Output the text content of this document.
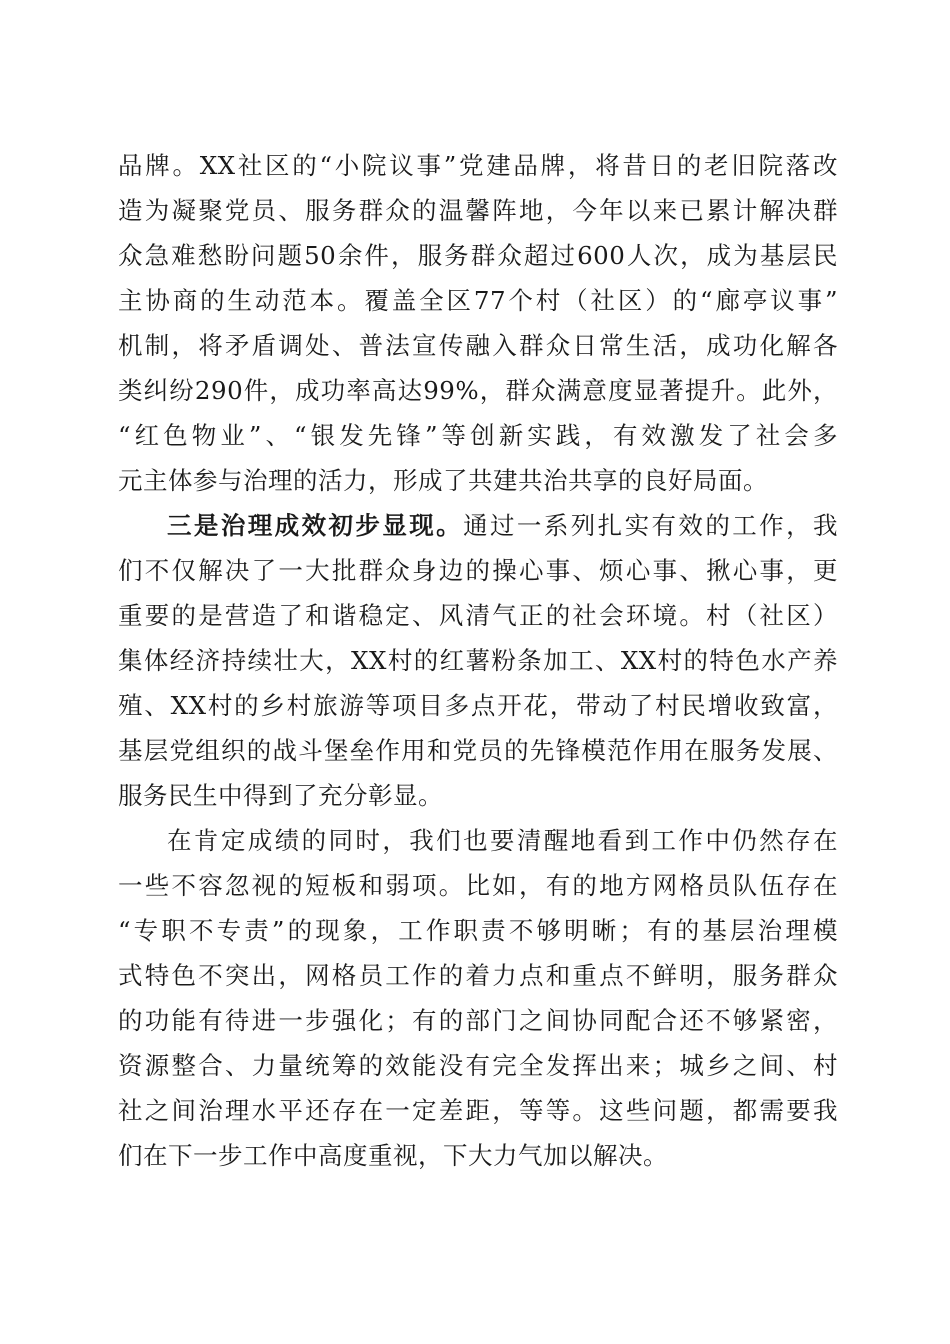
品牌。XX社区的“小院议事”党建品牌，将昔日的老旧院落改
造为凝聚党员、服务群众的温馨阵地，今年以来已累计解决群
众急难愁盼问题50余件，服务群众超过600人次，成为基层民
主协商的生动范本。覆盖全区77个村（社区）的“廊亭议事”
机制，将矛盾调处、普法宣传融入群众日常生活，成功化解各
类纠纷290件，成功率高达99%，群众满意度显著提升。此外，
“红色物业”、“银发先锋”等创新实践，有效激发了社会多
元主体参与治理的活力，形成了共建共治共享的良好局面。
三是治理成效初步显现。通过一系列扎实有效的工作，我
们不仅解决了一大批群众身边的操心事、烦心事、揪心事，更
重要的是营造了和谐稳定、风清气正的社会环境。村（社区）
集体经济持续壮大，XX村的红薯粉条加工、XX村的特色水产养
殖、XX村的乡村旅游等项目多点开花，带动了村民增收致富，
基层党组织的战斗堡垒作用和党员的先锋模范作用在服务发展、
服务民生中得到了充分彰显。
在肯定成绩的同时，我们也要清醒地看到工作中仍然存在
一些不容忽视的短板和弱项。比如，有的地方网格员队伍存在
“专职不专责”的现象，工作职责不够明晰；有的基层治理模
式特色不突出，网格员工作的着力点和重点不鲜明，服务群众
的功能有待进一步强化；有的部门之间协同配合还不够紧密，
资源整合、力量统筹的效能没有完全发挥出来；城乡之间、村
社之间治理水平还存在一定差距，等等。这些问题，都需要我
们在下一步工作中高度重视，下大力气加以解决。
